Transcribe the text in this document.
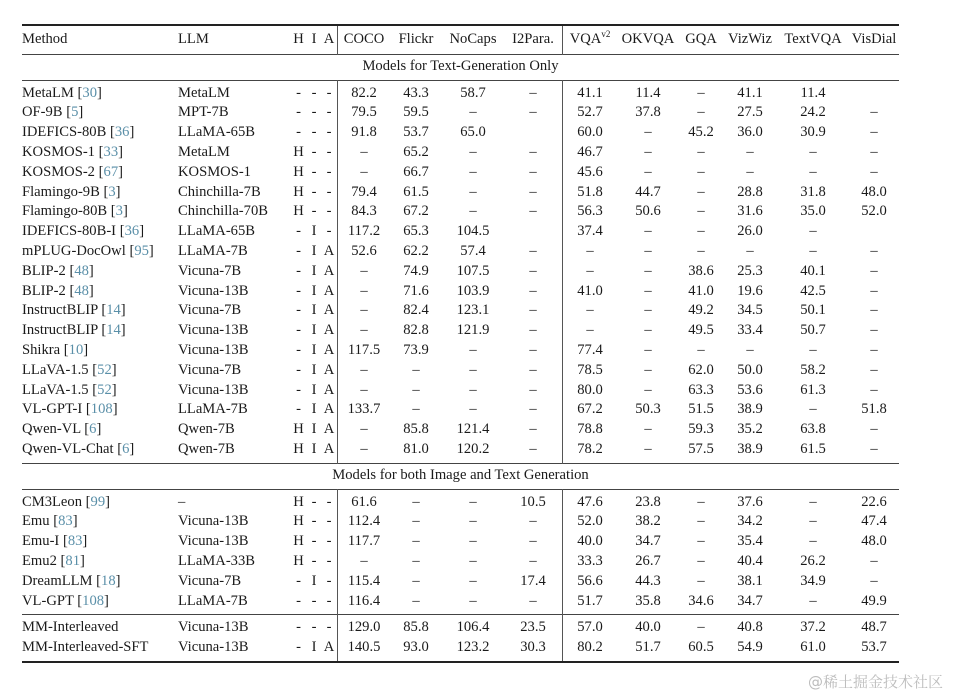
Method	LLM	H	I	A	COCO	Flickr	NoCaps	I2Para.	$VQA^{v2}$	OKVQA	GQA	VizWiz	TextVQA	VisDial
Models for Text-Generation Only														
MetaLM [30]	MetaLM	-	-	-	82.2	43.3	58.7	–	41.1	11.4	–	41.1	11.4	
OF-9B [5]	MPT-7B	-	-	-	79.5	59.5	–	–	52.7	37.8	–	27.5	24.2	–
IDEFICS-80B [36]	LLaMA-65B	-	-	-	91.8	53.7	65.0		60.0	–	45.2	36.0	30.9	–
KOSMOS-1 [33]	MetaLM	H	-	-	–	65.2	–	–	46.7	–	–	–	–	–
KOSMOS-2 [67]	KOSMOS-1	H	-	-	–	66.7	–	–	45.6	–	–	–	–	–
Flamingo-9B [3]	Chinchilla-7B	H	-	-	79.4	61.5	–	–	51.8	44.7	–	28.8	31.8	48.0
Flamingo-80B [3]	Chinchilla-70B	H	-	-	84.3	67.2	–	–	56.3	50.6	–	31.6	35.0	52.0
IDEFICS-80B-I [36]	LLaMA-65B	-	I	-	117.2	65.3	104.5		37.4	–	–	26.0	–	
mPLUG-DocOwl [95]	LLaMA-7B	-	I	A	52.6	62.2	57.4	–	–	–	–	–	–	–
BLIP-2 [48]	Vicuna-7B	-	I	A	–	74.9	107.5	–	–	–	38.6	25.3	40.1	–
BLIP-2 [48]	Vicuna-13B	-	I	A	–	71.6	103.9	–	41.0	–	41.0	19.6	42.5	–
InstructBLIP [14]	Vicuna-7B	-	I	A	–	82.4	123.1	–	–	–	49.2	34.5	50.1	–
InstructBLIP [14]	Vicuna-13B	-	I	A	–	82.8	121.9	–	–	–	49.5	33.4	50.7	–
Shikra [10]	Vicuna-13B	-	I	A	117.5	73.9	–	–	77.4	–	–	–	–	–
LLaVA-1.5 [52]	Vicuna-7B	-	I	A	–	–	–	–	78.5	–	62.0	50.0	58.2	–
LLaVA-1.5 [52]	Vicuna-13B	-	I	A	–	–	–	–	80.0	–	63.3	53.6	61.3	–
VL-GPT-I [108]	LLaMA-7B	-	I	A	133.7	–	–	–	67.2	50.3	51.5	38.9	–	51.8
Qwen-VL [6]	Qwen-7B	H	I	A	–	85.8	121.4	–	78.8	–	59.3	35.2	63.8	–
Qwen-VL-Chat [6]	Qwen-7B	H	I	A	–	81.0	120.2	–	78.2	–	57.5	38.9	61.5	–
Models for both Image and Text Generation														
CM3Leon [99]	–	H	-	-	61.6	–	–	10.5	47.6	23.8	–	37.6	–	22.6
Emu [83]	Vicuna-13B	H	-	-	112.4	–	–	–	52.0	38.2	–	34.2	–	47.4
Emu-I [83]	Vicuna-13B	H	-	-	117.7	–	–	–	40.0	34.7	–	35.4	–	48.0
Emu2 [81]	LLaMA-33B	H	-	-	–	–	–	–	33.3	26.7	–	40.4	26.2	–
DreamLLM [18]	Vicuna-7B	-	I	-	115.4	–	–	17.4	56.6	44.3	–	38.1	34.9	–
VL-GPT [108]	LLaMA-7B	-	-	-	116.4	–	–	–	51.7	35.8	34.6	34.7	–	49.9
MM-Interleaved	Vicuna-13B	-	-	-	129.0	85.8	106.4	23.5	57.0	40.0	–	40.8	37.2	48.7
MM-Interleaved-SFT	Vicuna-13B	-	I	A	140.5	93.0	123.2	30.3	80.2	51.7	60.5	54.9	61.0	53.7
@稀土掘金技术社区
